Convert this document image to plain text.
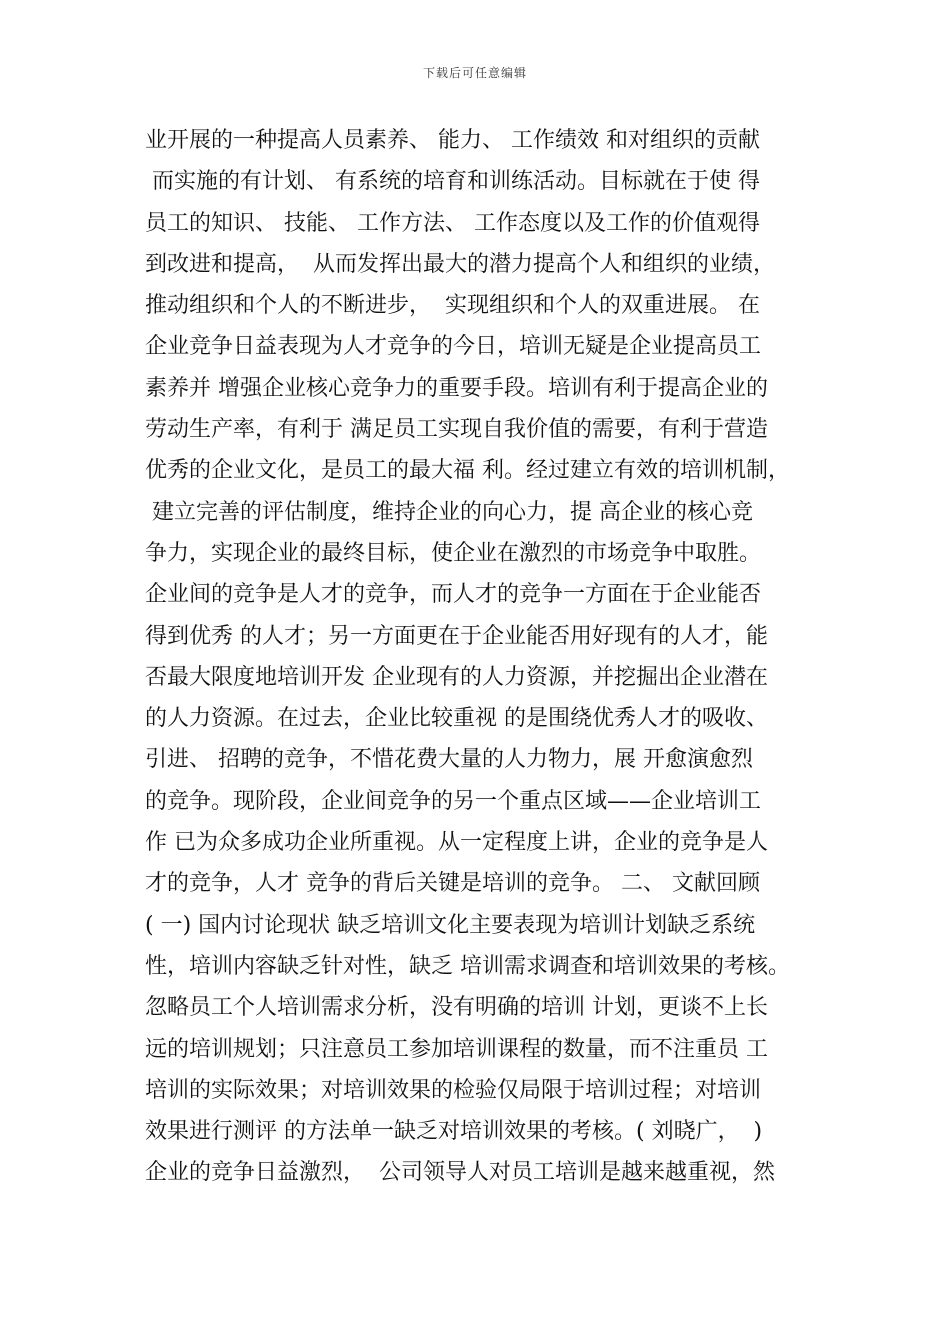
下载后可任意编辑
业开展的一种提高人员素养、 能力、 工作绩效 和对组织的贡献
而实施的有计划、 有系统的培育和训练活动。目标就在于使 得
员工的知识、 技能、 工作方法、 工作态度以及工作的价值观得
到改进和提高，  从而发挥出最大的潜力提高个人和组织的业绩，
推动组织和个人的不断进步，  实现组织和个人的双重进展。 在
企业竞争日益表现为人才竞争的今日，培训无疑是企业提高员工
素养并 增强企业核心竞争力的重要手段。培训有利于提高企业的
劳动生产率，有利于 满足员工实现自我价值的需要，有利于营造
优秀的企业文化，是员工的最大福 利。经过建立有效的培训机制，
建立完善的评估制度，维持企业的向心力，提 高企业的核心竞
争力，实现企业的最终目标，使企业在激烈的市场竞争中取胜。
企业间的竞争是人才的竞争，而人才的竞争一方面在于企业能否
得到优秀 的人才；另一方面更在于企业能否用好现有的人才，能
否最大限度地培训开发 企业现有的人力资源，并挖掘出企业潜在
的人力资源。在过去，企业比较重视 的是围绕优秀人才的吸收、
引进、 招聘的竞争，不惜花费大量的人力物力，展 开愈演愈烈
的竞争。现阶段，企业间竞争的另一个重点区域——企业培训工
作 已为众多成功企业所重视。从一定程度上讲，企业的竞争是人
才的竞争，人才 竞争的背后关键是培训的竞争。 二、 文献回顾
( 一) 国内讨论现状 缺乏培训文化主要表现为培训计划缺乏系统
性，培训内容缺乏针对性，缺乏 培训需求调查和培训效果的考核。
忽略员工个人培训需求分析，没有明确的培训 计划，更谈不上长
远的培训规划；只注意员工参加培训课程的数量，而不注重员 工
培训的实际效果；对培训效果的检验仅局限于培训过程；对培训
效果进行测评 的方法单一缺乏对培训效果的考核。( 刘晓广，  )
企业的竞争日益激烈，  公司领导人对员工培训是越来越重视，然
